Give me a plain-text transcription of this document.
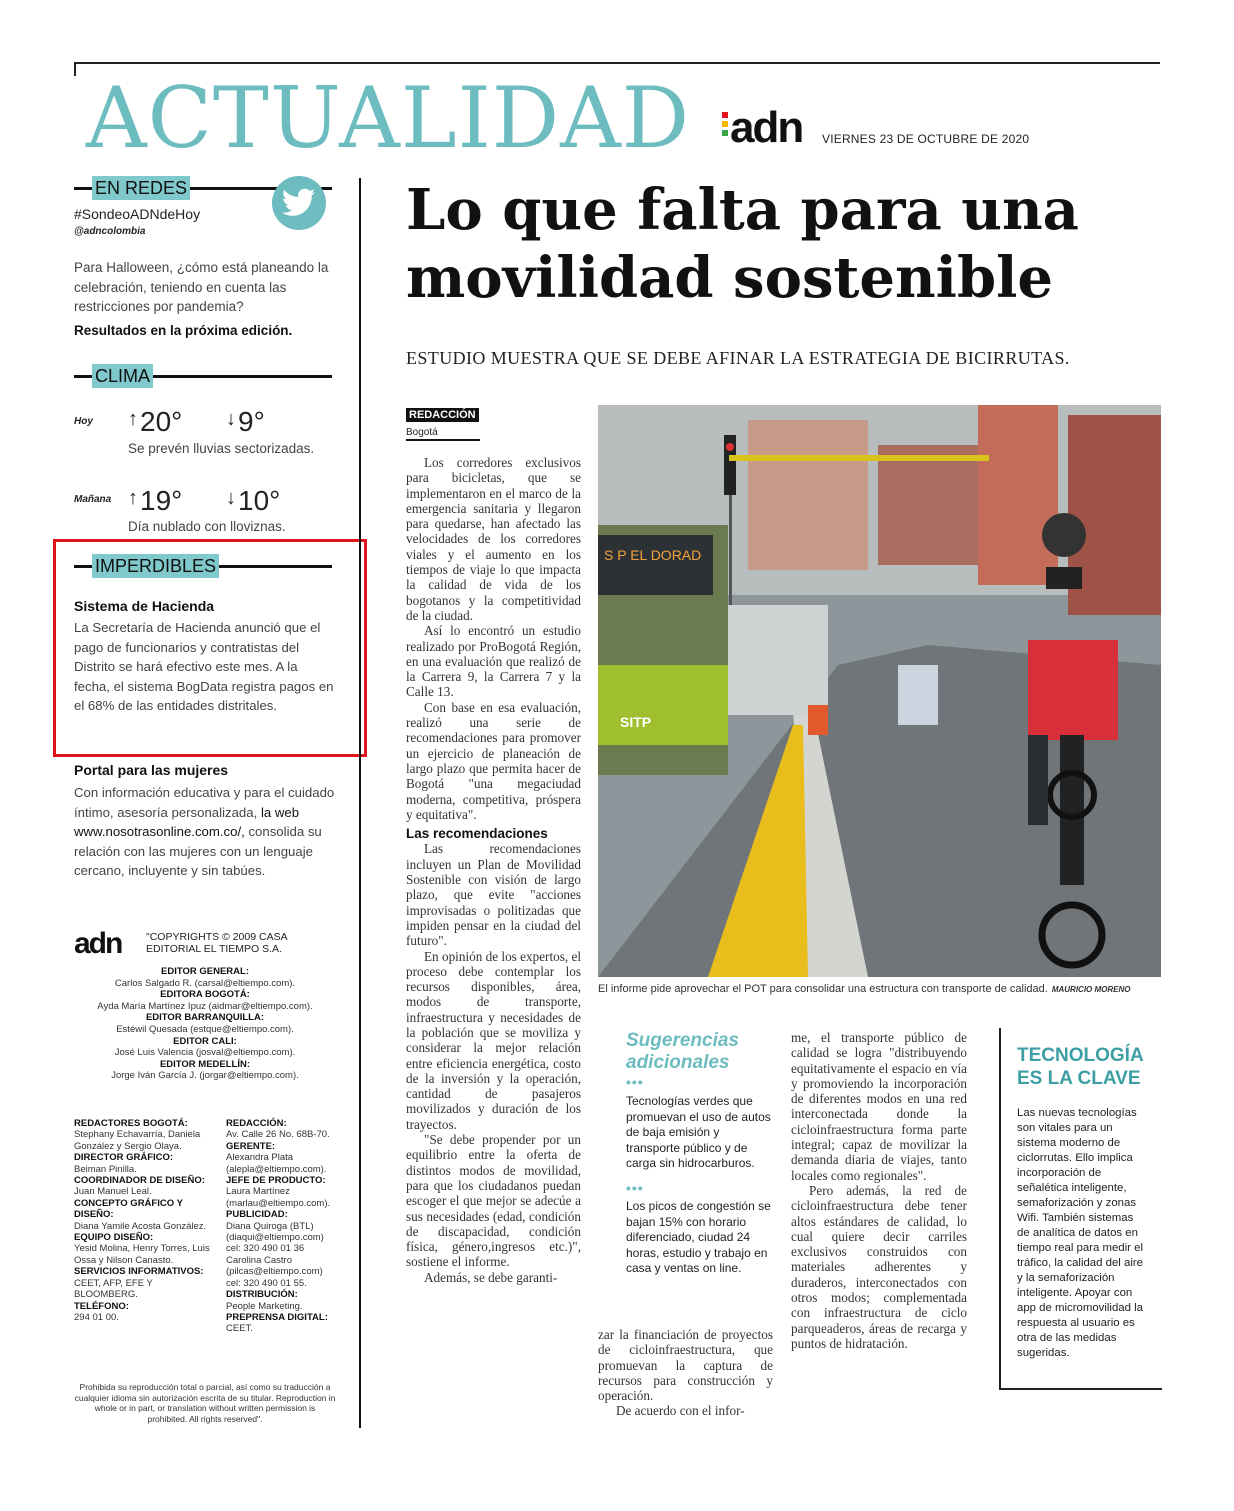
ACTUALIDAD adn VIERNES 23 DE OCTUBRE DE 2020
EN REDES
#SondeoADNdeHoy
@adncolombia
Para Halloween, ¿cómo está planeando la celebración, teniendo en cuenta las restricciones por pandemia?
Resultados en la próxima edición.
CLIMA
Hoy ↑20° ↓9°
Se prevén lluvias sectorizadas.
Mañana ↑19° ↓10°
Día nublado con lloviznas.
IMPERDIBLES
Sistema de Hacienda
La Secretaría de Hacienda anunció que el pago de funcionarios y contratistas del Distrito se hará efectivo este mes. A la fecha, el sistema BogData registra pagos en el 68% de las entidades distritales.
Portal para las mujeres
Con información educativa y para el cuidado íntimo, asesoría personalizada, la web www.nosotrasonline.com.co/, consolida su relación con las mujeres con un lenguaje cercano, incluyente y sin tabúes.
adn "COPYRIGHTS © 2009 CASA EDITORIAL EL TIEMPO S.A.
EDITOR GENERAL:
Carlos Salgado R. (carsal@eltiempo.com).
EDITORA BOGOTÁ:
Ayda María Martínez Ipuz (aidmar@eltiempo.com).
EDITOR BARRANQUILLA:
Estéwil Quesada (estque@eltiempo.com).
EDITOR CALI:
José Luis Valencia (josval@eltiempo.com).
EDITOR MEDELLÍN:
Jorge Iván García J. (jorgar@eltiempo.com).
REDACTORES BOGOTÁ:
Stephany Echavarría, Daniela González y Sergio Olaya.
DIRECTOR GRÁFICO:
Beiman Pinilla.
COORDINADOR DE DISEÑO:
Juan Manuel Leal.
CONCEPTO GRÁFICO Y DISEÑO:
Diana Yamile Acosta González.
EQUIPO DISEÑO:
Yesid Molina, Henry Torres, Luis Ossa y Nilson Canasto.
SERVICIOS INFORMATIVOS:
CEET, AFP, EFE Y BLOOMBERG.
TELÉFONO:
294 01 00.
REDACCIÓN:
Av. Calle 26 No. 68B-70.
GERENTE:
Alexandra Plata (alepla@eltiempo.com).
JEFE DE PRODUCTO:
Laura Martínez (marlau@eltiempo.com).
PUBLICIDAD:
Diana Quiroga (BTL) (diaqui@eltiempo.com) cel: 320 490 01 36 Carolina Castro (pilcas@eltiempo.com) cel: 320 490 01 55.
DISTRIBUCIÓN:
People Marketing.
PREPRENSA DIGITAL:
CEET.
Prohibida su reproducción total o parcial, así como su traducción a cualquier idioma sin autorización escrita de su titular. Reproduction in whole or in part, or translation without written permission is prohibited. All rights reserved".
Lo que falta para una movilidad sostenible
ESTUDIO MUESTRA QUE SE DEBE AFINAR LA ESTRATEGIA DE BICIRRUTAS.
REDACCIÓN
Bogotá

Los corredores exclusivos para bicicletas, que se implementaron en el marco de la emergencia sanitaria y llegaron para quedarse, han afectado las velocidades de los corredores viales y el aumento en los tiempos de viaje lo que impacta la calidad de vida de los bogotanos y la competitividad de la ciudad.

Así lo encontró un estudio realizado por ProBogotá Región, en una evaluación que realizó de la Carrera 9, la Carrera 7 y la Calle 13.

Con base en esa evaluación, realizó una serie de recomendaciones para promover un ejercicio de planeación de largo plazo que permita hacer de Bogotá "una megaciudad moderna, competitiva, próspera y equitativa".

Las recomendaciones

Las recomendaciones incluyen un Plan de Movilidad Sostenible con visión de largo plazo, que evite "acciones improvisadas o politizadas que impiden pensar en la ciudad del futuro".

En opinión de los expertos, el proceso debe contemplar los recursos disponibles, área, modos de transporte, infraestructura y necesidades de la población que se moviliza y considerar la mejor relación entre eficiencia energética, costo de la inversión y la operación, cantidad de pasajeros movilizados y duración de los trayectos.

"Se debe propender por un equilibrio entre la oferta de distintos modos de movilidad, para que los ciudadanos puedan escoger el que mejor se adecúe a sus necesidades (edad, condición de discapacidad, condición física, género,ingresos etc.)", sostiene el informe.

Además, se debe garanti-

S P EL DORAD
SITP
El informe pide aprovechar el POT para consolidar una estructura con transporte de calidad. MAURICIO MORENO
Sugerencias adicionales
•••
Tecnologías verdes que promuevan el uso de autos de baja emisión y transporte público y de carga sin hidrocarburos.
•••
Los picos de congestión se bajan 15% con horario diferenciado, ciudad 24 horas, estudio y trabajo en casa y ventas on line.

zar la financiación de proyectos de cicloinfraestructura, que promuevan la captura de recursos para construcción y operación.

De acuerdo con el infor-

me, el transporte público de calidad se logra "distribuyendo equitativamente el espacio en vía y promoviendo la incorporación de diferentes modos en una red interconectada donde la cicloinfraestructura forma parte integral; capaz de movilizar la demanda diaria de viajes, tanto locales como regionales".

Pero además, la red de cicloinfraestructura debe tener altos estándares de calidad, lo cual quiere decir carriles exclusivos construidos con materiales adherentes y duraderos, interconectados con otros modos; complementada con infraestructura de ciclo parqueaderos, áreas de recarga y puntos de hidratación.

TECNOLOGÍA ES LA CLAVE
Las nuevas tecnologías son vitales para un sistema moderno de ciclorrutas. Ello implica incorporación de señalética inteligente, semaforización y zonas Wifi. También sistemas de analítica de datos en tiempo real para medir el tráfico, la calidad del aire y la semaforización inteligente. Apoyar con app de micromovilidad la respuesta al usuario es otra de las medidas sugeridas.
